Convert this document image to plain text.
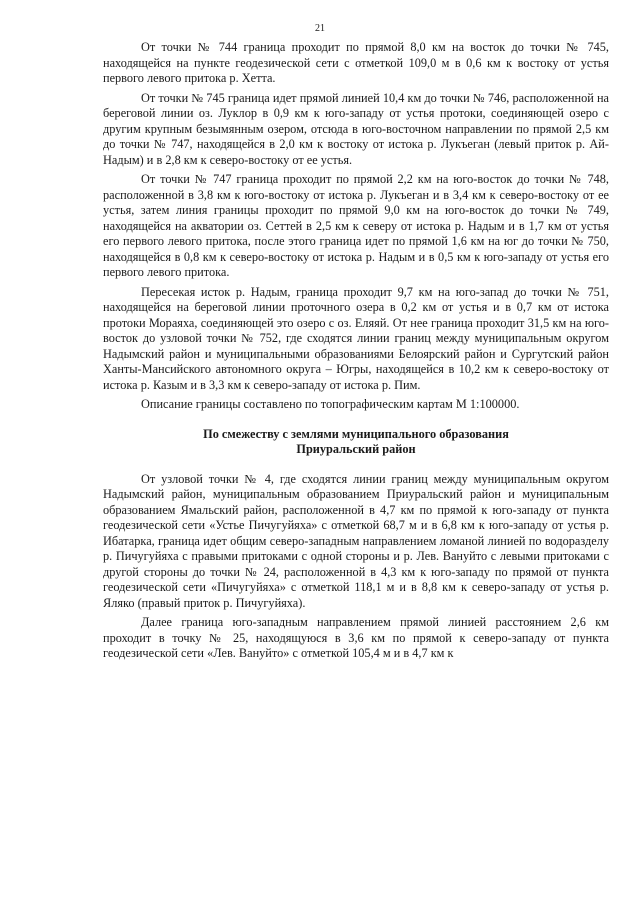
21

От точки № 744 граница проходит по прямой 8,0 км на восток до точки № 745, находящейся на пункте геодезической сети с отметкой 109,0 м в 0,6 км к востоку от устья первого левого притока р. Хетта.

От точки № 745 граница идет прямой линией 10,4 км до точки № 746, расположенной на береговой линии оз. Луклор в 0,9 км к юго-западу от устья протоки, соединяющей озеро с другим крупным безымянным озером, отсюда в юго-восточном направлении по прямой 2,5 км до точки № 747, находящейся в 2,0 км к востоку от истока р. Лукъеган (левый приток р. Ай-Надым) и в 2,8 км к северо-востоку от ее устья.

От точки № 747 граница проходит по прямой 2,2 км на юго-восток до точки № 748, расположенной в 3,8 км к юго-востоку от истока р. Лукъеган и в 3,4 км к северо-востоку от ее устья, затем линия границы проходит по прямой 9,0 км на юго-восток до точки № 749, находящейся на акватории оз. Сеттей в 2,5 км к северу от истока р. Надым и в 1,7 км от устья его первого левого притока, после этого граница идет по прямой 1,6 км на юг до точки № 750, находящейся в 0,8 км к северо-востоку от истока р. Надым и в 0,5 км к юго-западу от устья его первого левого притока.

Пересекая исток р. Надым, граница проходит 9,7 км на юго-запад до точки № 751, находящейся на береговой линии проточного озера в 0,2 км от устья и в 0,7 км от истока протоки Мораяха, соединяющей это озеро с оз. Еляяй. От нее граница проходит 31,5 км на юго-восток до узловой точки № 752, где сходятся линии границ между муниципальным округом Надымский район и муниципальными образованиями Белоярский район и Сургутский район Ханты-Мансийского автономного округа – Югры, находящейся в 10,2 км к северо-востоку от истока р. Казым и в 3,3 км к северо-западу от истока р. Пим.

Описание границы составлено по топографическим картам М 1:100000.

По смежеству с землями муниципального образования
Приуральский район

От узловой точки № 4, где сходятся линии границ между муниципальным округом Надымский район, муниципальным образованием Приуральский район и муниципальным образованием Ямальский район, расположенной в 4,7 км по прямой к юго-западу от пункта геодезической сети «Устье Пичугуйяха» с отметкой 68,7 м и в 6,8 км к юго-западу от устья р. Ибатарка, граница идет общим северо-западным направлением ломаной линией по водоразделу р. Пичугуйяха с правыми притоками с одной стороны и р. Лев. Вануйто с левыми притоками с другой стороны до точки № 24, расположенной в 4,3 км к юго-западу по прямой от пункта геодезической сети «Пичугуйяха» с отметкой 118,1 м и в 8,8 км к северо-западу от устья р. Яляко (правый приток р. Пичугуйяха).

Далее граница юго-западным направлением прямой линией расстоянием 2,6 км проходит в точку № 25, находящуюся в 3,6 км по прямой к северо-западу от пункта геодезической сети «Лев. Вануйто» с отметкой 105,4 м и в 4,7 км к
